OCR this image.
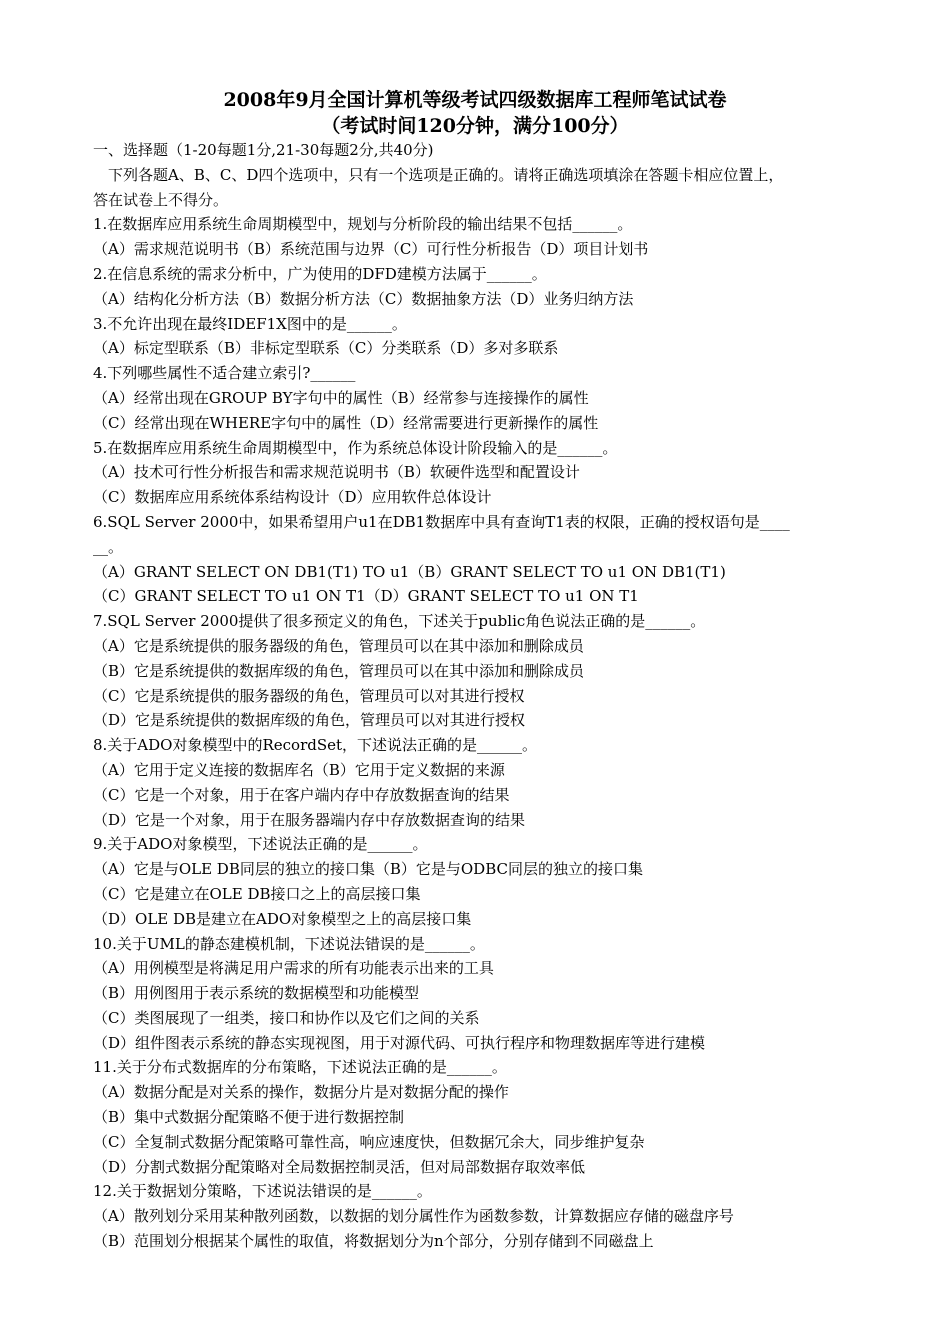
2008年9月全国计算机等级考试四级数据库工程师笔试试卷
（考试时间120分钟，满分100分）
一、选择题（1-20每题1分,21-30每题2分,共40分)
下列各题A、B、C、D四个选项中，只有一个选项是正确的。请将正确选项填涂在答题卡相应位置上，
答在试卷上不得分。
1.在数据库应用系统生命周期模型中，规划与分析阶段的输出结果不包括______。
（A）需求规范说明书（B）系统范围与边界（C）可行性分析报告（D）项目计划书
2.在信息系统的需求分析中，广为使用的DFD建模方法属于______。
（A）结构化分析方法（B）数据分析方法（C）数据抽象方法（D）业务归纳方法
3.不允许出现在最终IDEF1X图中的是______。
（A）标定型联系（B）非标定型联系（C）分类联系（D）多对多联系
4.下列哪些属性不适合建立索引?______
（A）经常出现在GROUP BY字句中的属性（B）经常参与连接操作的属性
（C）经常出现在WHERE字句中的属性（D）经常需要进行更新操作的属性
5.在数据库应用系统生命周期模型中，作为系统总体设计阶段输入的是______。
（A）技术可行性分析报告和需求规范说明书（B）软硬件选型和配置设计
（C）数据库应用系统体系结构设计（D）应用软件总体设计
6.SQL Server 2000中，如果希望用户u1在DB1数据库中具有查询T1表的权限，正确的授权语句是____
__。
（A）GRANT SELECT ON DB1(T1) TO u1（B）GRANT SELECT TO u1 ON DB1(T1)
（C）GRANT SELECT TO u1 ON T1（D）GRANT SELECT TO u1 ON T1
7.SQL Server 2000提供了很多预定义的角色，下述关于public角色说法正确的是______。
（A）它是系统提供的服务器级的角色，管理员可以在其中添加和删除成员
（B）它是系统提供的数据库级的角色，管理员可以在其中添加和删除成员
（C）它是系统提供的服务器级的角色，管理员可以对其进行授权
（D）它是系统提供的数据库级的角色，管理员可以对其进行授权
8.关于ADO对象模型中的RecordSet，下述说法正确的是______。
（A）它用于定义连接的数据库名（B）它用于定义数据的来源
（C）它是一个对象，用于在客户端内存中存放数据查询的结果
（D）它是一个对象，用于在服务器端内存中存放数据查询的结果
9.关于ADO对象模型，下述说法正确的是______。
（A）它是与OLE DB同层的独立的接口集（B）它是与ODBC同层的独立的接口集
（C）它是建立在OLE DB接口之上的高层接口集
（D）OLE DB是建立在ADO对象模型之上的高层接口集
10.关于UML的静态建模机制，下述说法错误的是______。
（A）用例模型是将满足用户需求的所有功能表示出来的工具
（B）用例图用于表示系统的数据模型和功能模型
（C）类图展现了一组类，接口和协作以及它们之间的关系
（D）组件图表示系统的静态实现视图，用于对源代码、可执行程序和物理数据库等进行建模
11.关于分布式数据库的分布策略，下述说法正确的是______。
（A）数据分配是对关系的操作，数据分片是对数据分配的操作
（B）集中式数据分配策略不便于进行数据控制
（C）全复制式数据分配策略可靠性高，响应速度快，但数据冗余大，同步维护复杂
（D）分割式数据分配策略对全局数据控制灵活，但对局部数据存取效率低
12.关于数据划分策略，下述说法错误的是______。
（A）散列划分采用某种散列函数，以数据的划分属性作为函数参数，计算数据应存储的磁盘序号
（B）范围划分根据某个属性的取值，将数据划分为n个部分，分别存储到不同磁盘上
